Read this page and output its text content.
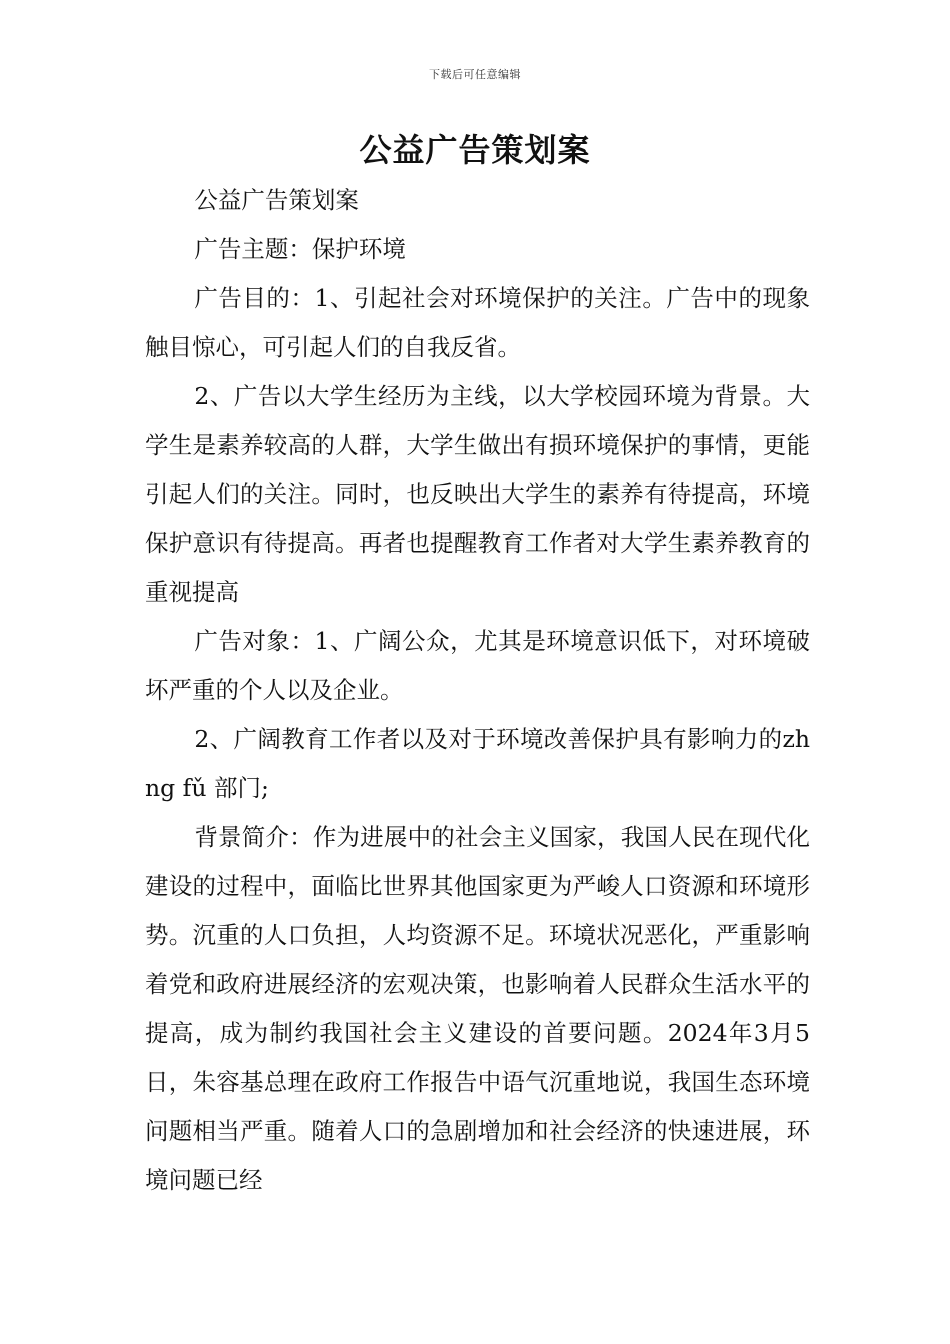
下载后可任意编辑
公益广告策划案

公益广告策划案

广告主题：保护环境

广告目的：1、引起社会对环境保护的关注。广告中的现象触目惊心，可引起人们的自我反省。

2、广告以大学生经历为主线，以大学校园环境为背景。大学生是素养较高的人群，大学生做出有损环境保护的事情，更能引起人们的关注。同时，也反映出大学生的素养有待提高，环境保护意识有待提高。再者也提醒教育工作者对大学生素养教育的重视提高

广告对象：1、广阔公众，尤其是环境意识低下，对环境破坏严重的个人以及企业。

2、广阔教育工作者以及对于环境改善保护具有影响力的zhng fǔ 部门;

背景简介：作为进展中的社会主义国家，我国人民在现代化建设的过程中，面临比世界其他国家更为严峻人口资源和环境形势。沉重的人口负担，人均资源不足。环境状况恶化，严重影响着党和政府进展经济的宏观决策，也影响着人民群众生活水平的提高，成为制约我国社会主义建设的首要问题。2024年3月5日，朱容基总理在政府工作报告中语气沉重地说，我国生态环境问题相当严重。随着人口的急剧增加和社会经济的快速进展，环境问题已经
